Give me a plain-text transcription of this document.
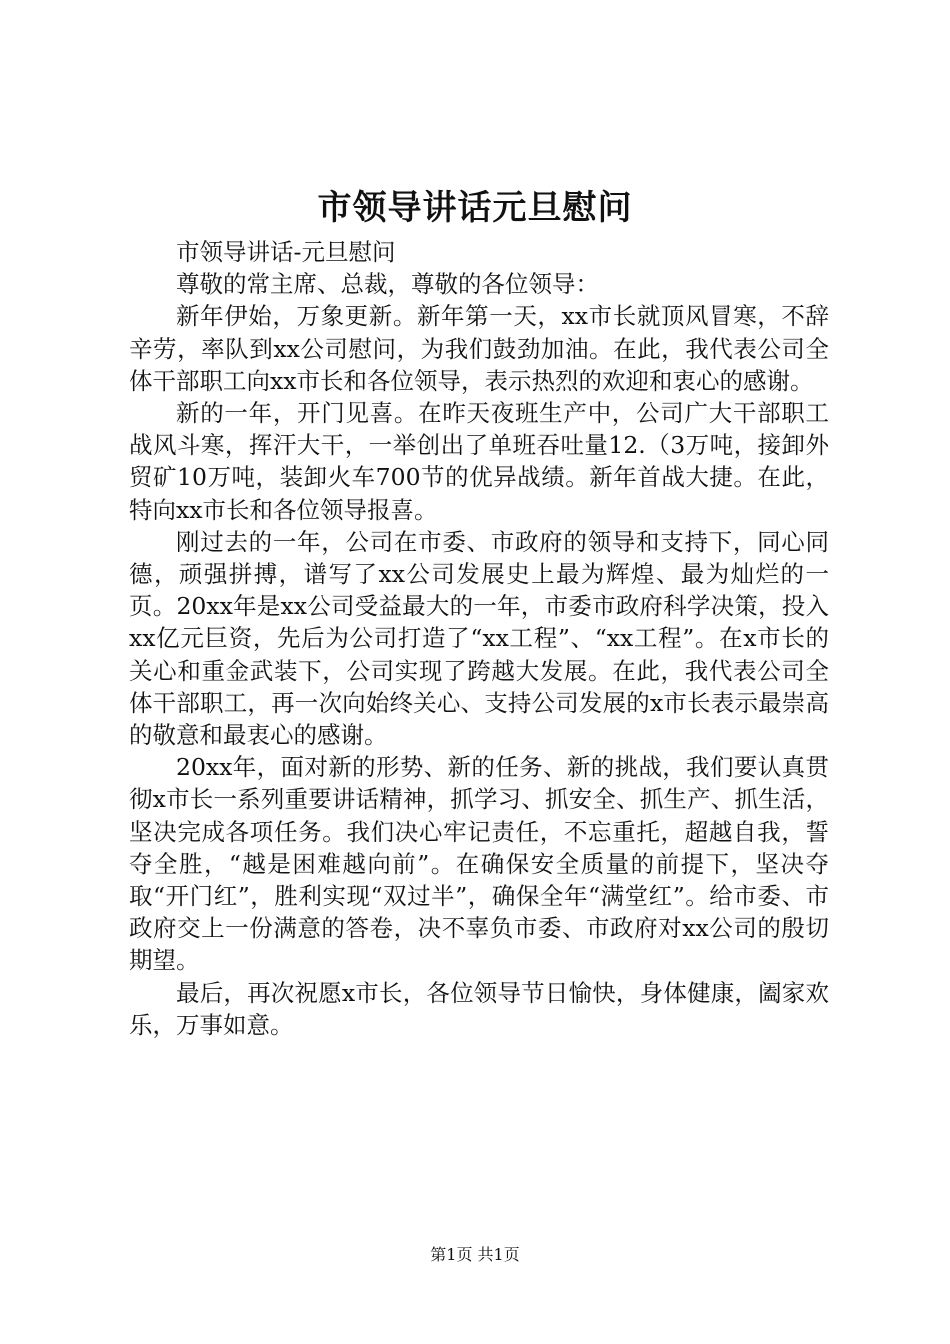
市领导讲话元旦慰问

市领导讲话-元旦慰问

尊敬的常主席、总裁，尊敬的各位领导：

新年伊始，万象更新。新年第一天，xx市长就顶风冒寒，不辞辛劳，率队到xx公司慰问，为我们鼓劲加油。在此，我代表公司全体干部职工向xx市长和各位领导，表示热烈的欢迎和衷心的感谢。

新的一年，开门见喜。在昨天夜班生产中，公司广大干部职工战风斗寒，挥汗大干，一举创出了单班吞吐量12.（3万吨，接卸外贸矿10万吨，装卸火车700节的优异战绩。新年首战大捷。在此，特向xx市长和各位领导报喜。

刚过去的一年，公司在市委、市政府的领导和支持下，同心同德，顽强拼搏，谱写了xx公司发展史上最为辉煌、最为灿烂的一页。20xx年是xx公司受益最大的一年，市委市政府科学决策，投入xx亿元巨资，先后为公司打造了“xx工程”、“xx工程”。在x市长的关心和重金武装下，公司实现了跨越大发展。在此，我代表公司全体干部职工，再一次向始终关心、支持公司发展的x市长表示最崇高的敬意和最衷心的感谢。

20xx年，面对新的形势、新的任务、新的挑战，我们要认真贯彻x市长一系列重要讲话精神，抓学习、抓安全、抓生产、抓生活，坚决完成各项任务。我们决心牢记责任，不忘重托，超越自我，誓夺全胜，“越是困难越向前”。在确保安全质量的前提下，坚决夺取“开门红”，胜利实现“双过半”，确保全年“满堂红”。给市委、市政府交上一份满意的答卷，决不辜负市委、市政府对xx公司的殷切期望。

最后，再次祝愿x市长，各位领导节日愉快，身体健康，阖家欢乐，万事如意。

第1页 共1页
